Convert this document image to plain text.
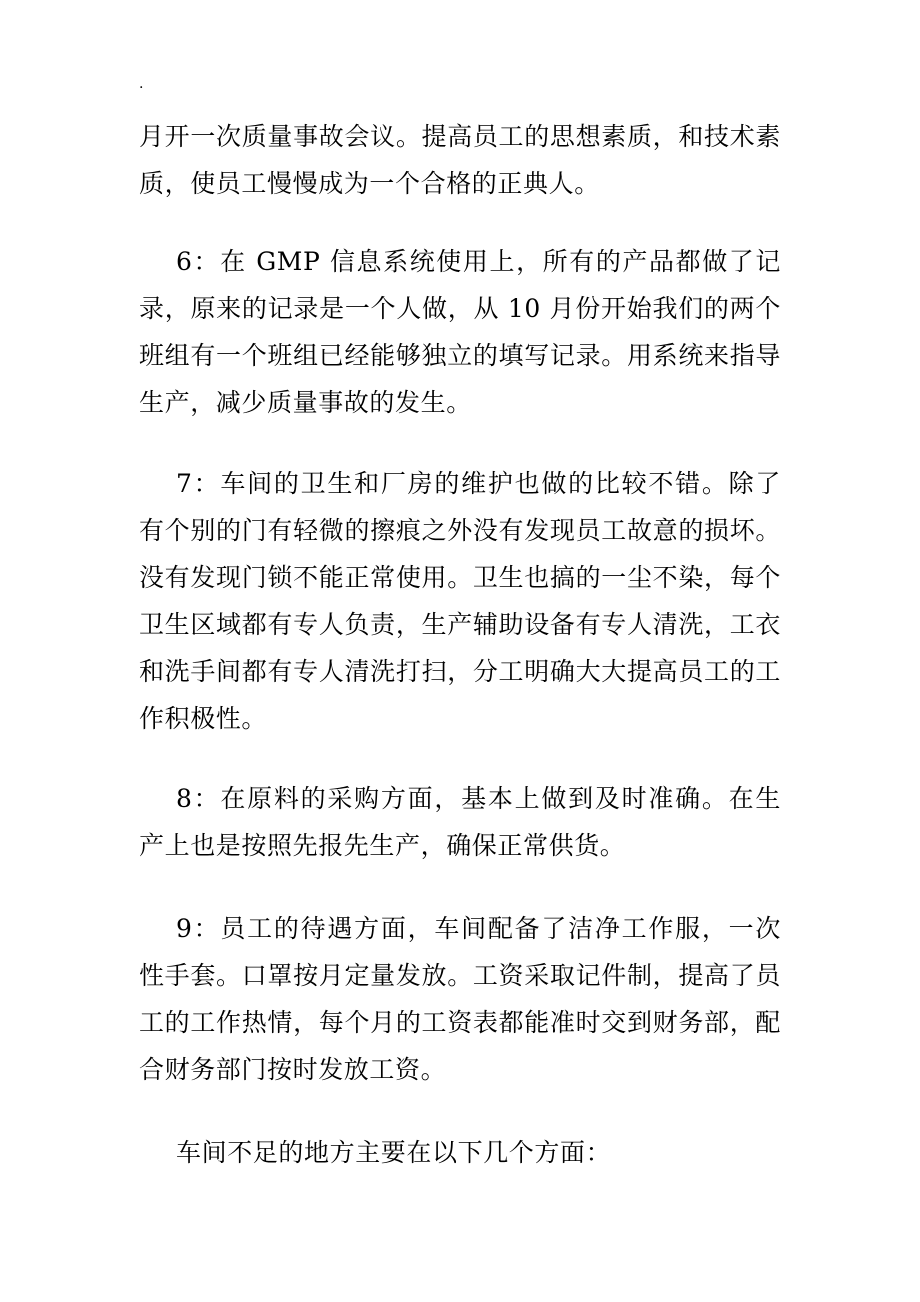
.

月开一次质量事故会议。提高员工的思想素质，和技术素质，使员工慢慢成为一个合格的正典人。

6：在 GMP 信息系统使用上，所有的产品都做了记录，原来的记录是一个人做，从 10 月份开始我们的两个班组有一个班组已经能够独立的填写记录。用系统来指导生产，减少质量事故的发生。

7：车间的卫生和厂房的维护也做的比较不错。除了有个别的门有轻微的擦痕之外没有发现员工故意的损坏。没有发现门锁不能正常使用。卫生也搞的一尘不染，每个卫生区域都有专人负责，生产辅助设备有专人清洗，工衣和洗手间都有专人清洗打扫，分工明确大大提高员工的工作积极性。

8：在原料的采购方面，基本上做到及时准确。在生产上也是按照先报先生产，确保正常供货。

9：员工的待遇方面，车间配备了洁净工作服，一次性手套。口罩按月定量发放。工资采取记件制，提高了员工的工作热情，每个月的工资表都能准时交到财务部，配合财务部门按时发放工资。

车间不足的地方主要在以下几个方面：
